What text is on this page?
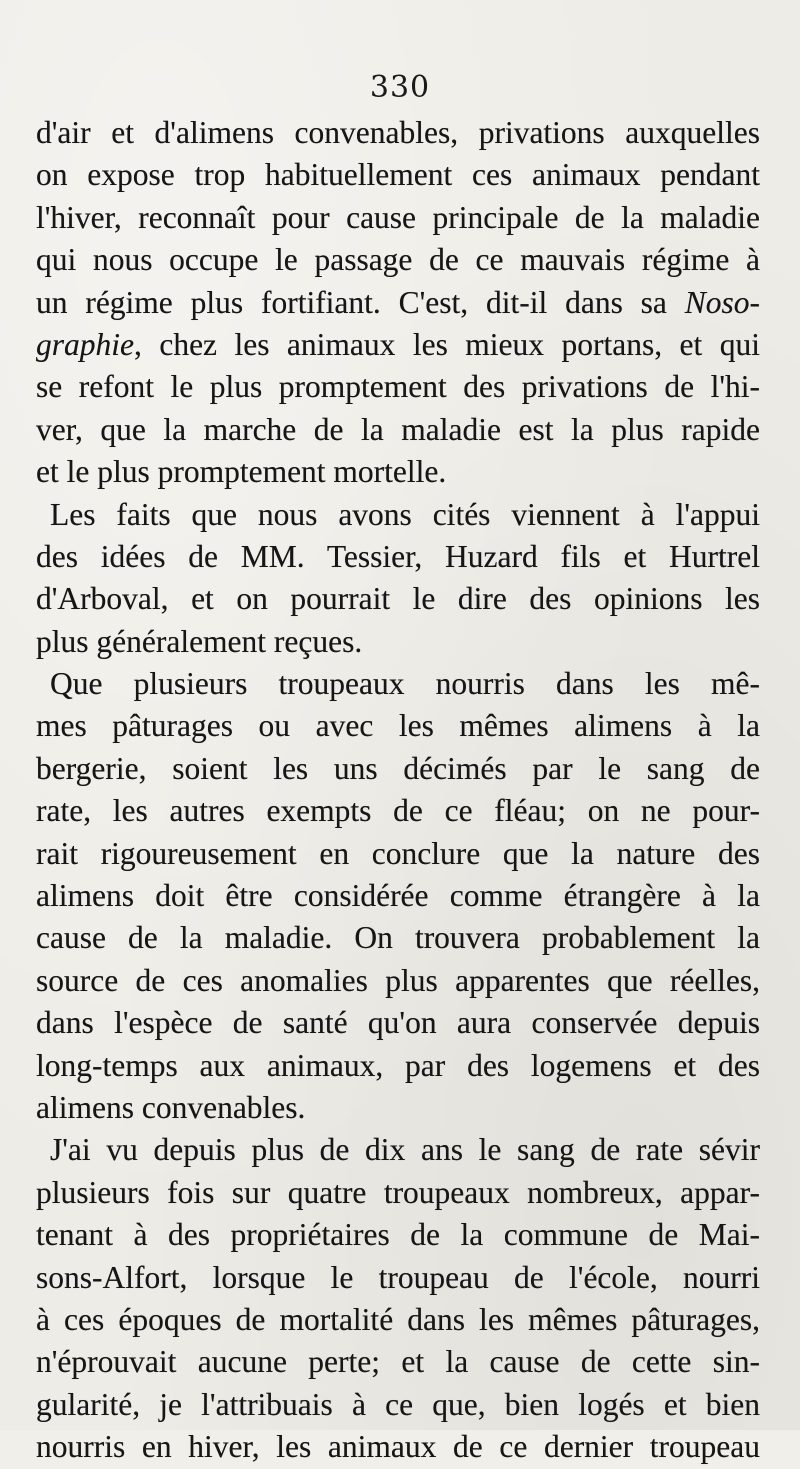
330
d'air et d'alimens convenables, privations auxquelles
on expose trop habituellement ces animaux pendant
l'hiver, reconnaît pour cause principale de la maladie
qui nous occupe le passage de ce mauvais régime à
un régime plus fortifiant. C'est, dit-il dans sa Noso-
graphie, chez les animaux les mieux portans, et qui
se refont le plus promptement des privations de l'hi-
ver, que la marche de la maladie est la plus rapide
et le plus promptement mortelle.
Les faits que nous avons cités viennent à l'appui
des idées de MM. Tessier, Huzard fils et Hurtrel
d'Arboval, et on pourrait le dire des opinions les
plus généralement reçues.
Que plusieurs troupeaux nourris dans les mê-
mes pâturages ou avec les mêmes alimens à la
bergerie, soient les uns décimés par le sang de
rate, les autres exempts de ce fléau; on ne pour-
rait rigoureusement en conclure que la nature des
alimens doit être considérée comme étrangère à la
cause de la maladie. On trouvera probablement la
source de ces anomalies plus apparentes que réelles,
dans l'espèce de santé qu'on aura conservée depuis
long-temps aux animaux, par des logemens et des
alimens convenables.
J'ai vu depuis plus de dix ans le sang de rate sévir
plusieurs fois sur quatre troupeaux nombreux, appar-
tenant à des propriétaires de la commune de Mai-
sons-Alfort, lorsque le troupeau de l'école, nourri
à ces époques de mortalité dans les mêmes pâturages,
n'éprouvait aucune perte; et la cause de cette sin-
gularité, je l'attribuais à ce que, bien logés et bien
nourris en hiver, les animaux de ce dernier troupeau
